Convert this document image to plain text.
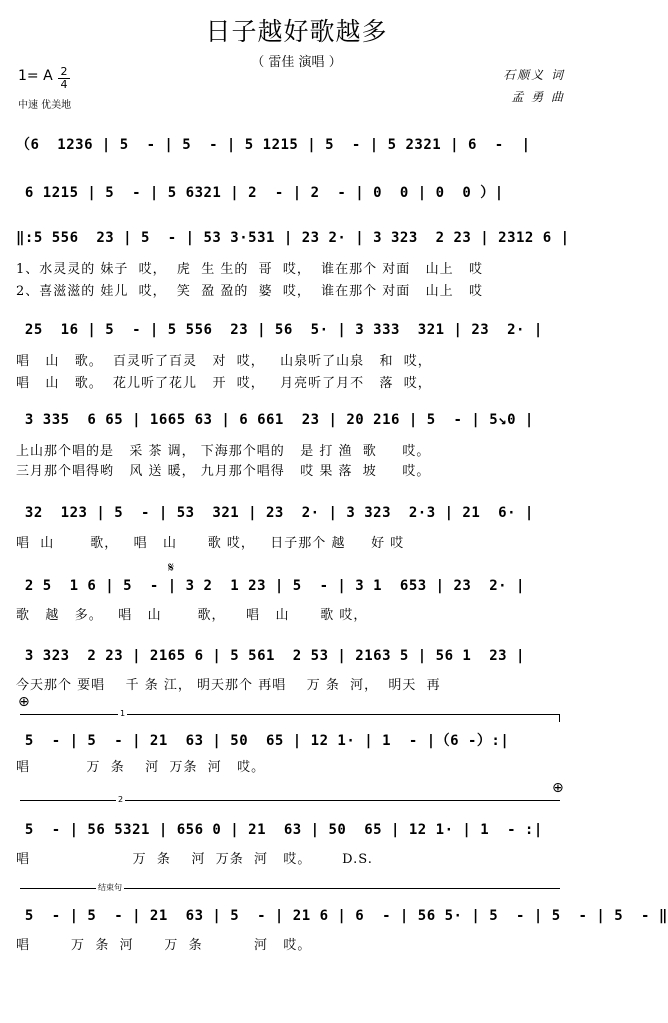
日子越好歌越多
（ 雷佳 演唱 ）
1= A $\frac{2}{4}$
中速 优美地
石顺义 词
孟 勇 曲
（6  1236 | 5  - | 5  - | 5 1215 | 5  - | 5 2321 | 6  -  |
6 1215 | 5  - | 5 6321 | 2  - | 2  - | 0  0 | 0  0 ）|
‖:5 556  23 | 5  - | 53 3·531 | 23 2· | 3 323  2 23 | 2312 6 |
1、水灵灵的 妹子  哎，  虎  生 生的  哥  哎，  谁在那个 对面   山上   哎
2、喜滋滋的 娃儿  哎，  笑  盈 盈的  婆  哎，  谁在那个 对面   山上   哎
25  16 | 5  - | 5 556  23 | 56  5· | 3 333  321 | 23  2· |
唱   山   歌。  百灵听了百灵   对  哎，   山泉听了山泉   和  哎，
唱   山   歌。  花儿听了花儿   开  哎，   月亮听了月不   落  哎，
3 335  6 65 | 1665 63 | 6 661  23 | 20 216 | 5  - | 5↘0 |
上山那个唱的是   采 茶 调， 下海那个唱的   是 打 渔  歌     哎。
三月那个唱得哟   风 送 暖， 九月那个唱得   哎 果 落  坡     哎。
32  123 | 5  - | 53  321 | 23  2· | 3 323  2·3 | 21  6· |
唱  山       歌，   唱   山      歌 哎，   日子那个 越     好 哎
𝄋
2 5  1 6 | 5  - | 3 2  1 23 | 5  - | 3 1  653 | 23  2· |
歌   越   多。   唱   山       歌，    唱   山      歌 哎，
3 323  2 23 | 2165 6 | 5 561  2 53 | 2163 5 | 56 1  23 |
今天那个 要唱    千 条 江， 明天那个 再唱    万 条  河，  明天  再
⊕
1
5  - | 5  - | 21  63 | 50  65 | 12 1· | 1  - |（6 -）:|
唱           万  条    河  万条  河   哎。
⊕
2
5  - | 56 5321 | 656 0 | 21  63 | 50  65 | 12 1· | 1  - :|
唱                    万  条    河  万条  河   哎。      D.S.
结束句
5  - | 5  - | 21  63 | 5  - | 21 6 | 6  - | 56 5· | 5  - | 5  - | 5  - ‖
唱        万  条  河      万  条          河   哎。
